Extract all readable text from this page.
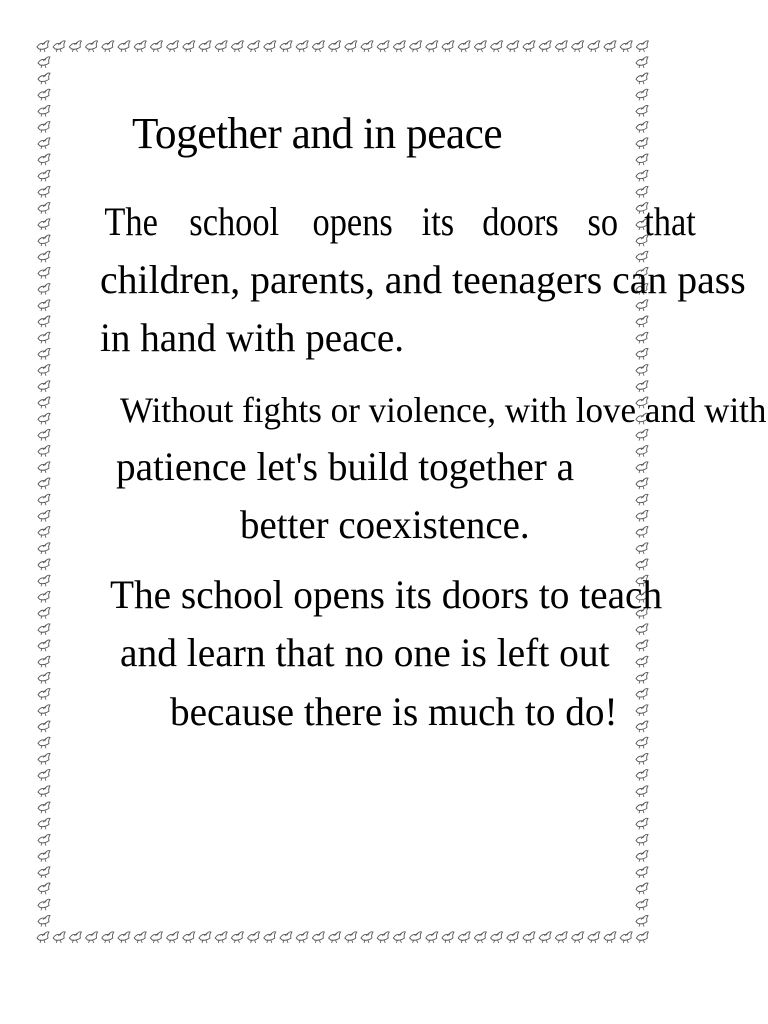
Together and in peace
The school opens its doors so that
children, parents, and teenagers can pass
in hand with peace.
Without fights or violence, with love and with
patience let's build together a
better coexistence.
The school opens its doors to teach
and learn that no one is left out
because there is much to do!
